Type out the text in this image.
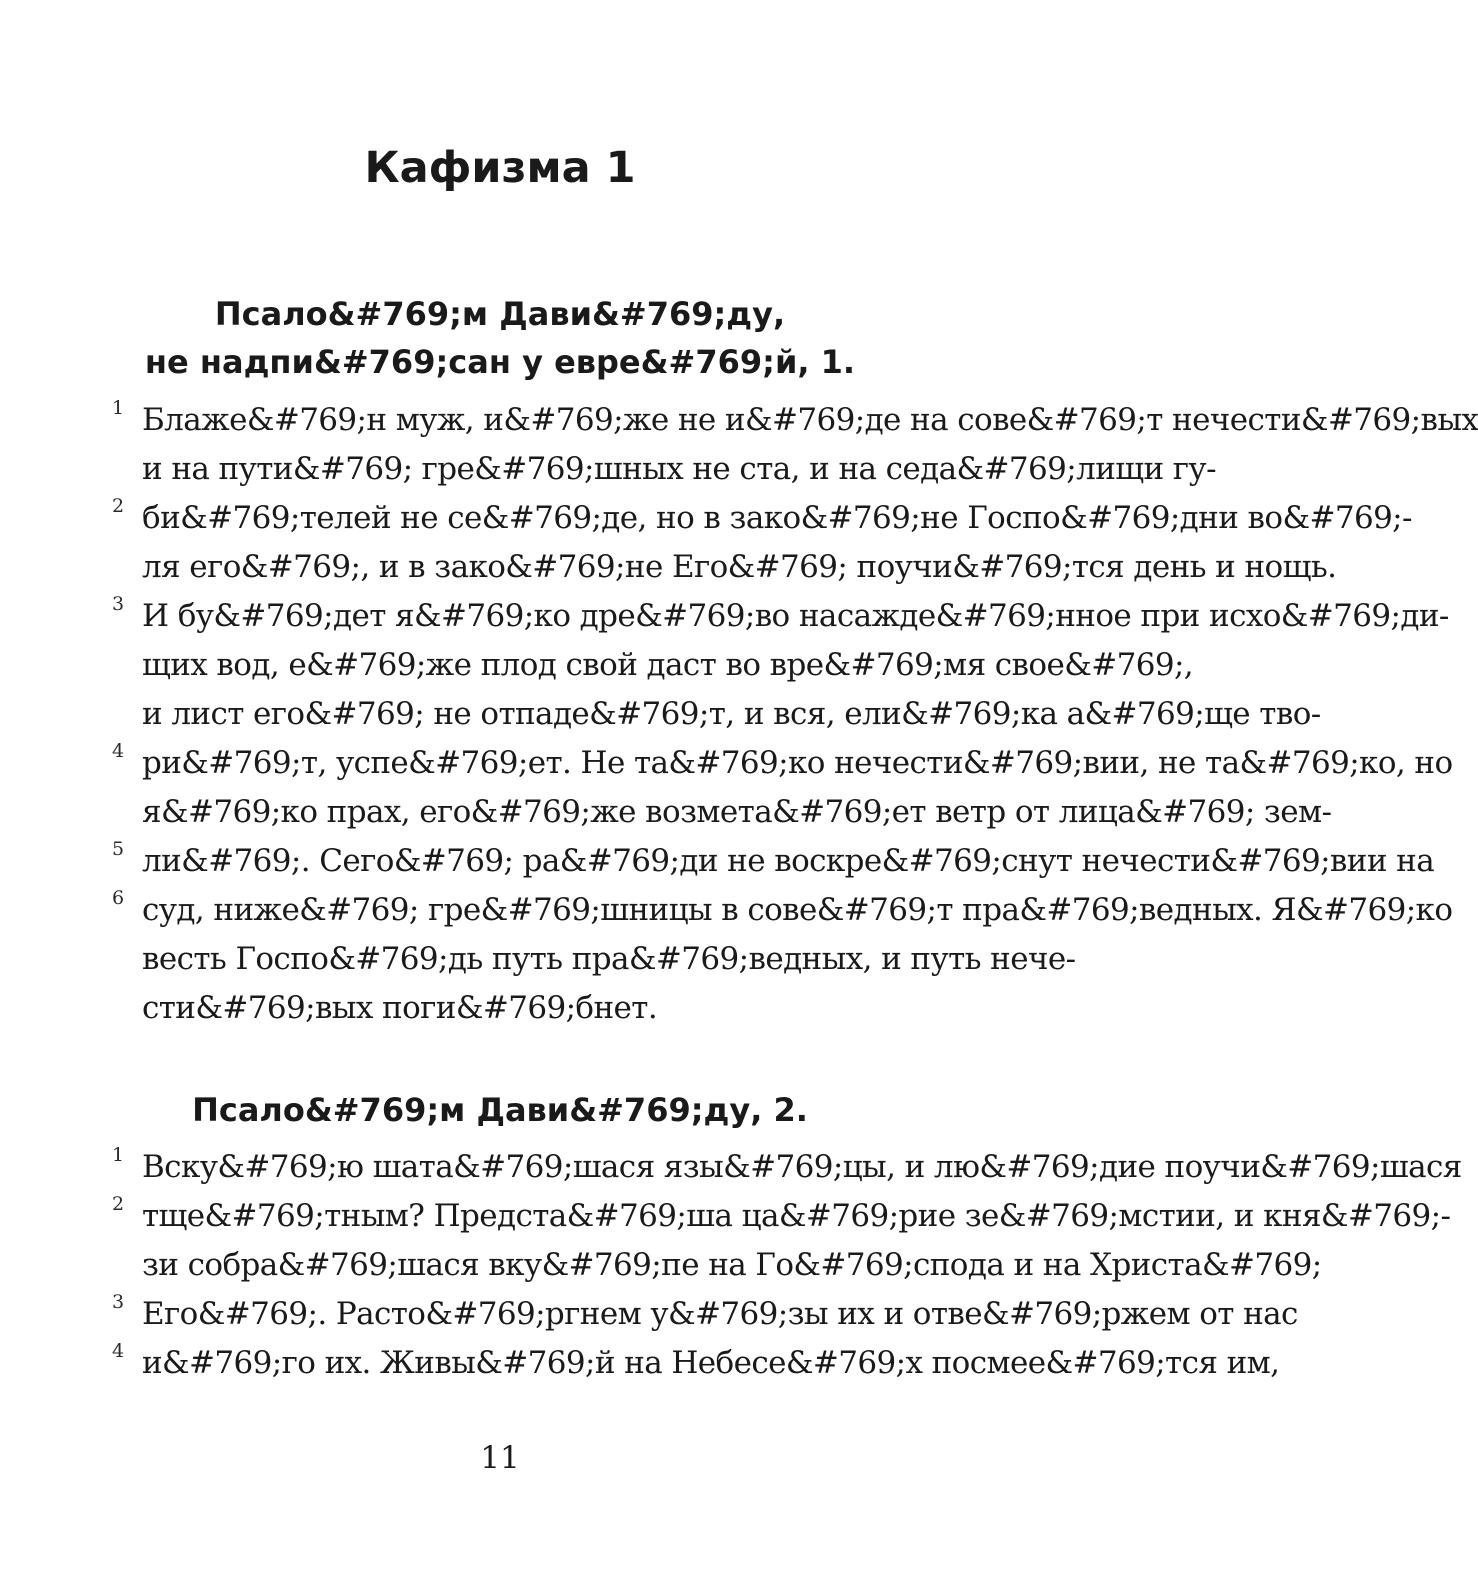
Кафизма 1
Псало&#769;м Дави&#769;ду,
не надпи&#769;сан у евре&#769;й, 1.
1 Блаже&#769;н муж, и&#769;же не и&#769;де на сове&#769;т нечести&#769;вых
и на пути&#769; гре&#769;шных не ста, и на седа&#769;лищи гу-
2 би&#769;телей не се&#769;де, но в зако&#769;не Госпо&#769;дни во&#769;-
ля его&#769;, и в зако&#769;не Его&#769; поучи&#769;тся день и нощь.
3 И бу&#769;дет я&#769;ко дре&#769;во насажде&#769;нное при исхо&#769;ди-
щих вод, е&#769;же плод свой даст во вре&#769;мя свое&#769;,
и лист его&#769; не отпаде&#769;т, и вся, ели&#769;ка а&#769;ще тво-
4 ри&#769;т, успе&#769;ет. Не та&#769;ко нечести&#769;вии, не та&#769;ко, но
я&#769;ко прах, его&#769;же возмета&#769;ет ветр от лица&#769; зем-
5 ли&#769;. Сего&#769; ра&#769;ди не воскре&#769;снут нечести&#769;вии на
6 суд, ниже&#769; гре&#769;шницы в сове&#769;т пра&#769;ведных. Я&#769;ко
весть Госпо&#769;дь путь пра&#769;ведных, и путь нече-
сти&#769;вых поги&#769;бнет.
Псало&#769;м Дави&#769;ду, 2.
1 Вску&#769;ю шата&#769;шася язы&#769;цы, и лю&#769;дие поучи&#769;шася
2 тще&#769;тным? Предста&#769;ша ца&#769;рие зе&#769;мстии, и кня&#769;-
зи собра&#769;шася вку&#769;пе на Го&#769;спода и на Христа&#769;
3 Его&#769;. Расто&#769;ргнем у&#769;зы их и отве&#769;ржем от нас
4 и&#769;го их. Живы&#769;й на Небесе&#769;х посмее&#769;тся им,
11
